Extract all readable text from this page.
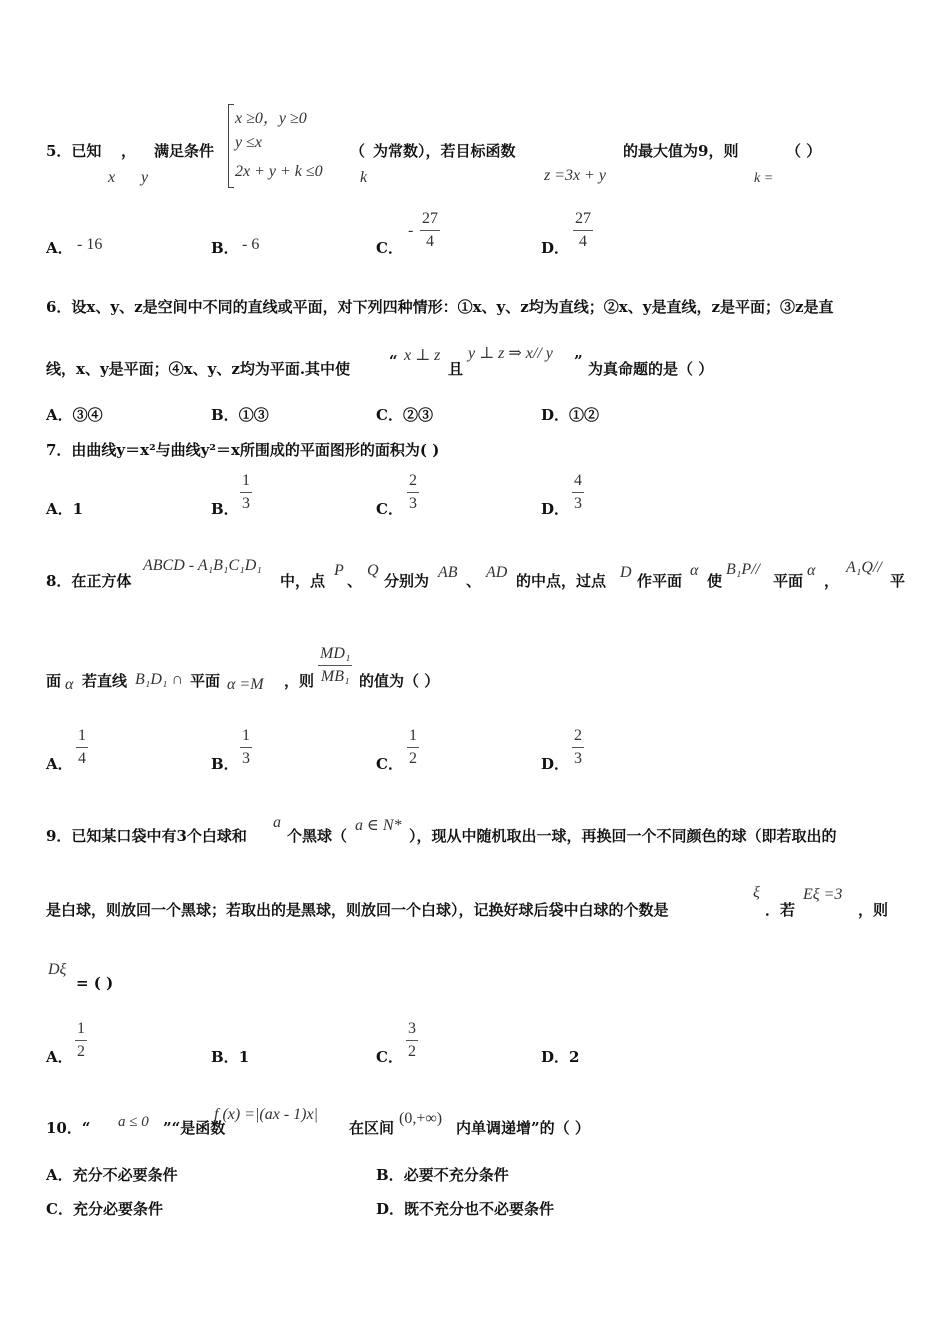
5．已知 ， 满足条件
x y
x ≥0，y ≥0
y ≤x
2x + y + k ≤0
（
k
为常数），若目标函数
z =3x + y
的最大值为9，则
k =
（ ）
A． - 16	B． - 6	C．
-
27
4	D．
27
4
6．设x、y、z是空间中不同的直线或平面，对下列四种情形：①x、y、z均为直线；②x、y是直线，z是平面；③z是直
线，x、y是平面；④x、y、z均为平面.其中使	“ x ⊥ z
且
y ⊥ z ⇒ x// y ” 为真命题的是（ ）
A．③④	B．①③	C．②③	D．①②
7．由曲线y＝x²与曲线y²＝x所围成的平面图形的面积为( )
A．1	B．
1
3	C．
2
3	D．
4
3
8．在正方体
ABCD - A₁B₁C₁D₁
中，点
P
、
Q
分别为 AB 、 AD 的中点，过点 D 作平面
α
使
B₁P//
平面
α
，
A₁Q//
平
面 α 若直线 B₁D₁ ∩ 平面 α =M ，则
MD₁
MB₁ 的值为（ ）
A．
1
4	B．
1
3	C．
1
2	D．
2
3
9．已知某口袋中有3个白球和
a
个黑球（
a ∈ N*
），现从中随机取出一球，再换回一个不同颜色的球（即若取出的
是白球，则放回一个黑球；若取出的是黑球，则放回一个白球），记换好球后袋中白球的个数是
ξ
．若
Eξ =3
，则
Dξ
= ( )
A．
1
2	B．1	C．
3
2	D．2
10．“ a ≤ 0 ”“是函数
f (x) =|(ax - 1)x|
在区间
(0,+∞)
内单调递增”的（ ）
A．充分不必要条件	B．必要不充分条件
C．充分必要条件	D．既不充分也不必要条件
